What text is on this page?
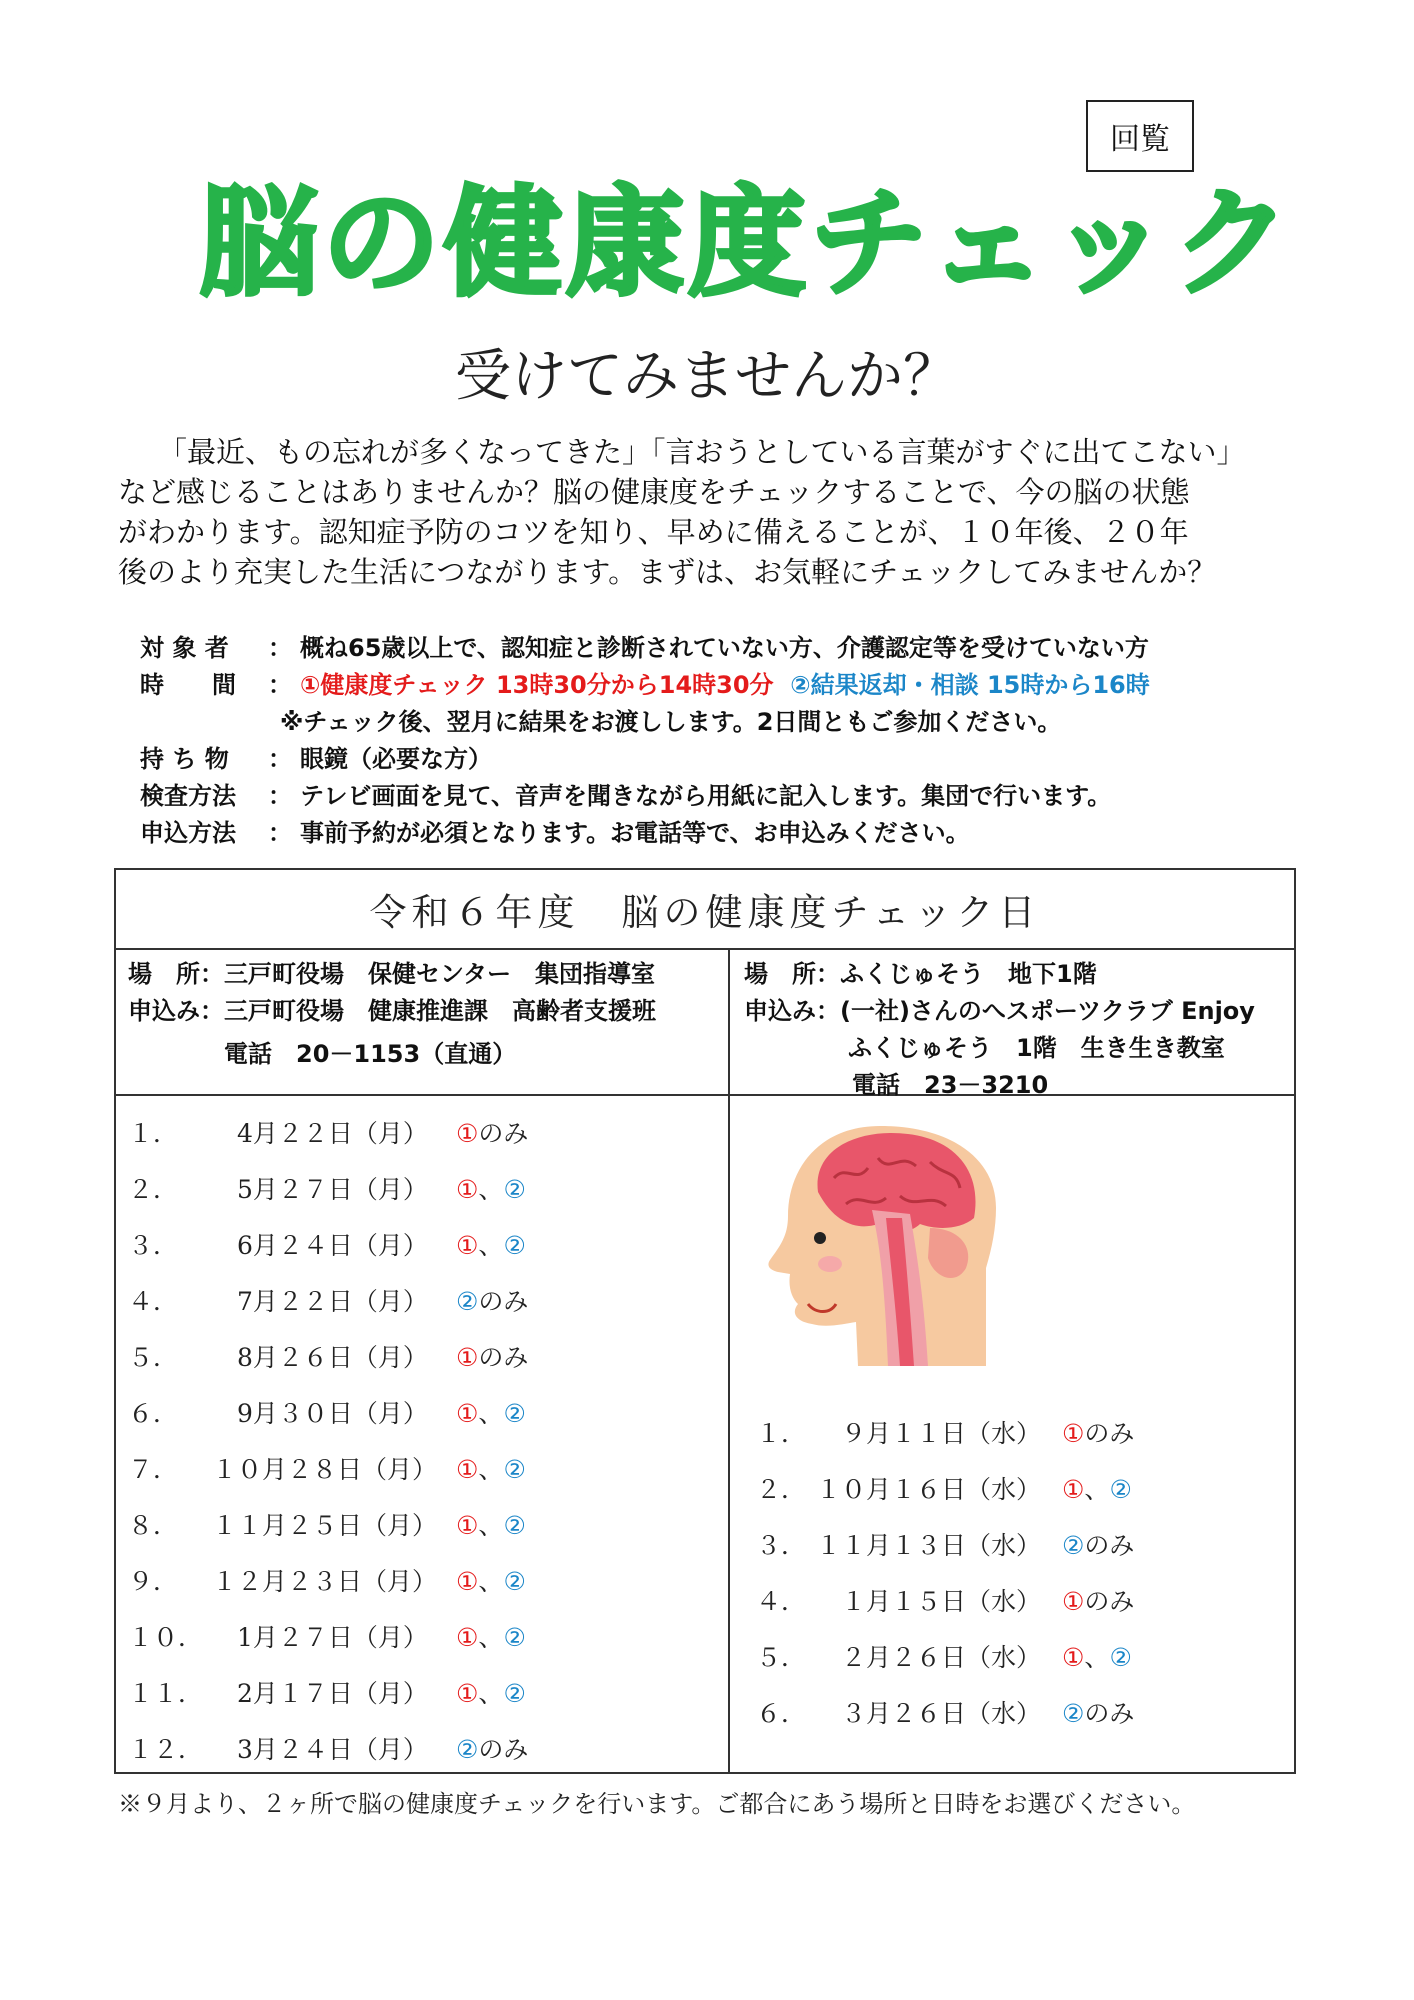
回覧
脳の健康度チェック
受けてみませんか？

「最近、もの忘れが多くなってきた」「言おうとしている言葉がすぐに出てこない」

など感じることはありませんか？脳の健康度をチェックすることで、今の脳の状態

がわかります。認知症予防のコツを知り、早めに備えることが、１０年後、２０年

後のより充実した生活につながります。まずは、お気軽にチェックしてみませんか？

対 象 者	： 概ね65歳以上で、認知症と診断されていない方、介護認定等を受けていない方
時　　間	： ①健康度チェック 13時30分から14時30分 ②結果返却・相談 15時から16時
※チェック後、翌月に結果をお渡しします。2日間ともご参加ください。
持 ち 物	： 眼鏡（必要な方）
検査方法	： テレビ画面を見て、音声を聞きながら用紙に記入します。集団で行います。
申込方法	： 事前予約が必須となります。お電話等で、お申込みください。
令和６年度　脳の健康度チェック日
場　所：三戸町役場　保健センター　集団指導室
申込み：三戸町役場　健康推進課　高齢者支援班
電話　20－1153（直通）
場　所：ふくじゅそう　地下1階
申込み：(一社)さんのへスポーツクラブ Enjoy
ふくじゅそう　1階　生き生き教室
電話　23－3210
１．	　4月２２日（月） ①のみ
２．	　5月２７日（月） ①、②
３．	　6月２４日（月） ①、②
４．	　7月２２日（月） ②のみ
５．	　8月２６日（月） ①のみ
６．	　9月３０日（月） ①、②
７．	１０月２８日（月） ①、②
８．	１１月２５日（月） ①、②
９．	１２月２３日（月） ①、②
１０． 　1月２７日（月） ①、②
１１． 　2月１７日（月） ①、②
１２． 　3月２４日（月） ②のみ
１． 　９月１１日（水） ①のみ
２． １０月１６日（水） ①、②
３． １１月１３日（水） ②のみ
４． 　１月１５日（水） ①のみ
５． 　２月２６日（水） ①、②
６． 　３月２６日（水） ②のみ
※９月より、２ヶ所で脳の健康度チェックを行います。ご都合にあう場所と日時をお選びください。
